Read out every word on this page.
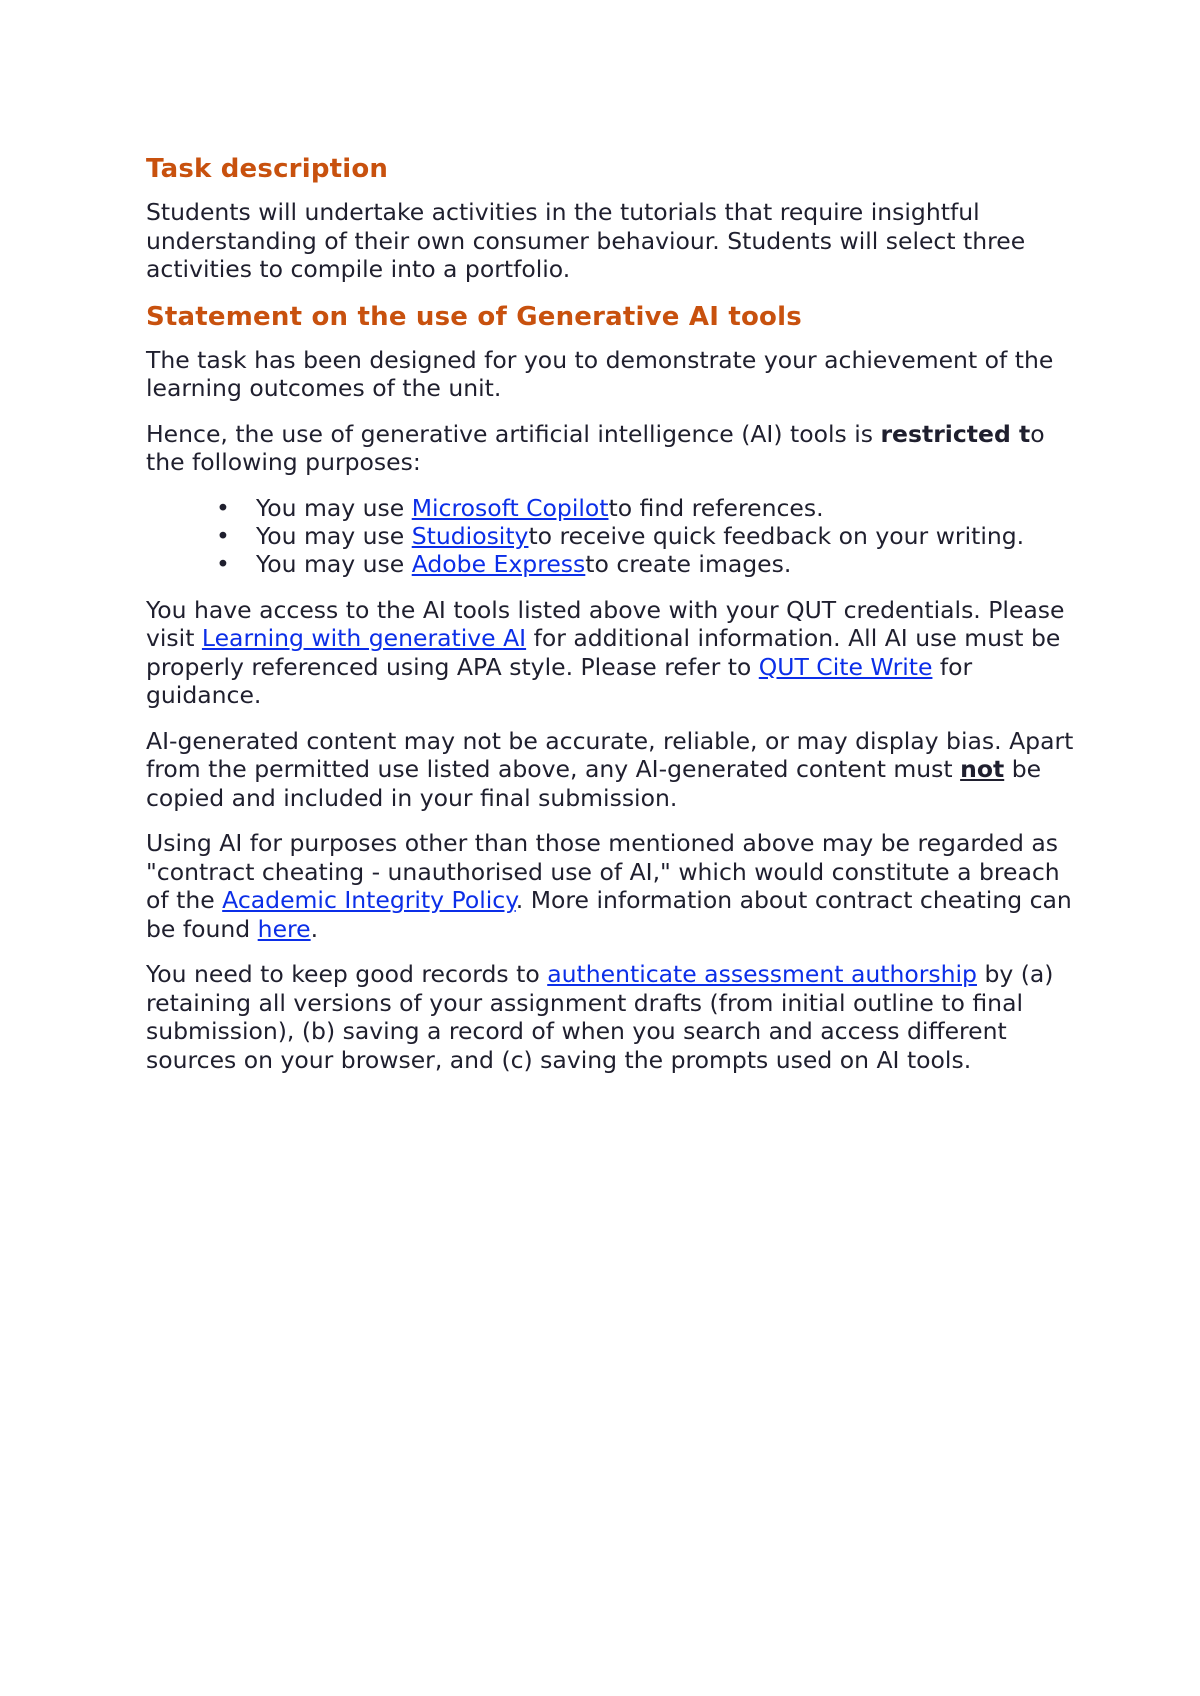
Task description

Students will undertake activities in the tutorials that require insightful understanding of their own consumer behaviour. Students will select three activities to compile into a portfolio.

Statement on the use of Generative AI tools

The task has been designed for you to demonstrate your achievement of the learning outcomes of the unit.

Hence, the use of generative artificial intelligence (AI) tools is restricted to the following purposes:

• You may use Microsoft Copilotto find references.
• You may use Studiosityto receive quick feedback on your writing.
• You may use Adobe Expressto create images.

You have access to the AI tools listed above with your QUT credentials. Please visit Learning with generative AI for additional information. All AI use must be properly referenced using APA style. Please refer to QUT Cite Write for guidance.

AI-generated content may not be accurate, reliable, or may display bias. Apart from the permitted use listed above, any AI-generated content must not be copied and included in your final submission.

Using AI for purposes other than those mentioned above may be regarded as "contract cheating - unauthorised use of AI," which would constitute a breach of the Academic Integrity Policy. More information about contract cheating can be found here.

You need to keep good records to authenticate assessment authorship by (a) retaining all versions of your assignment drafts (from initial outline to final submission), (b) saving a record of when you search and access different sources on your browser, and (c) saving the prompts used on AI tools.
